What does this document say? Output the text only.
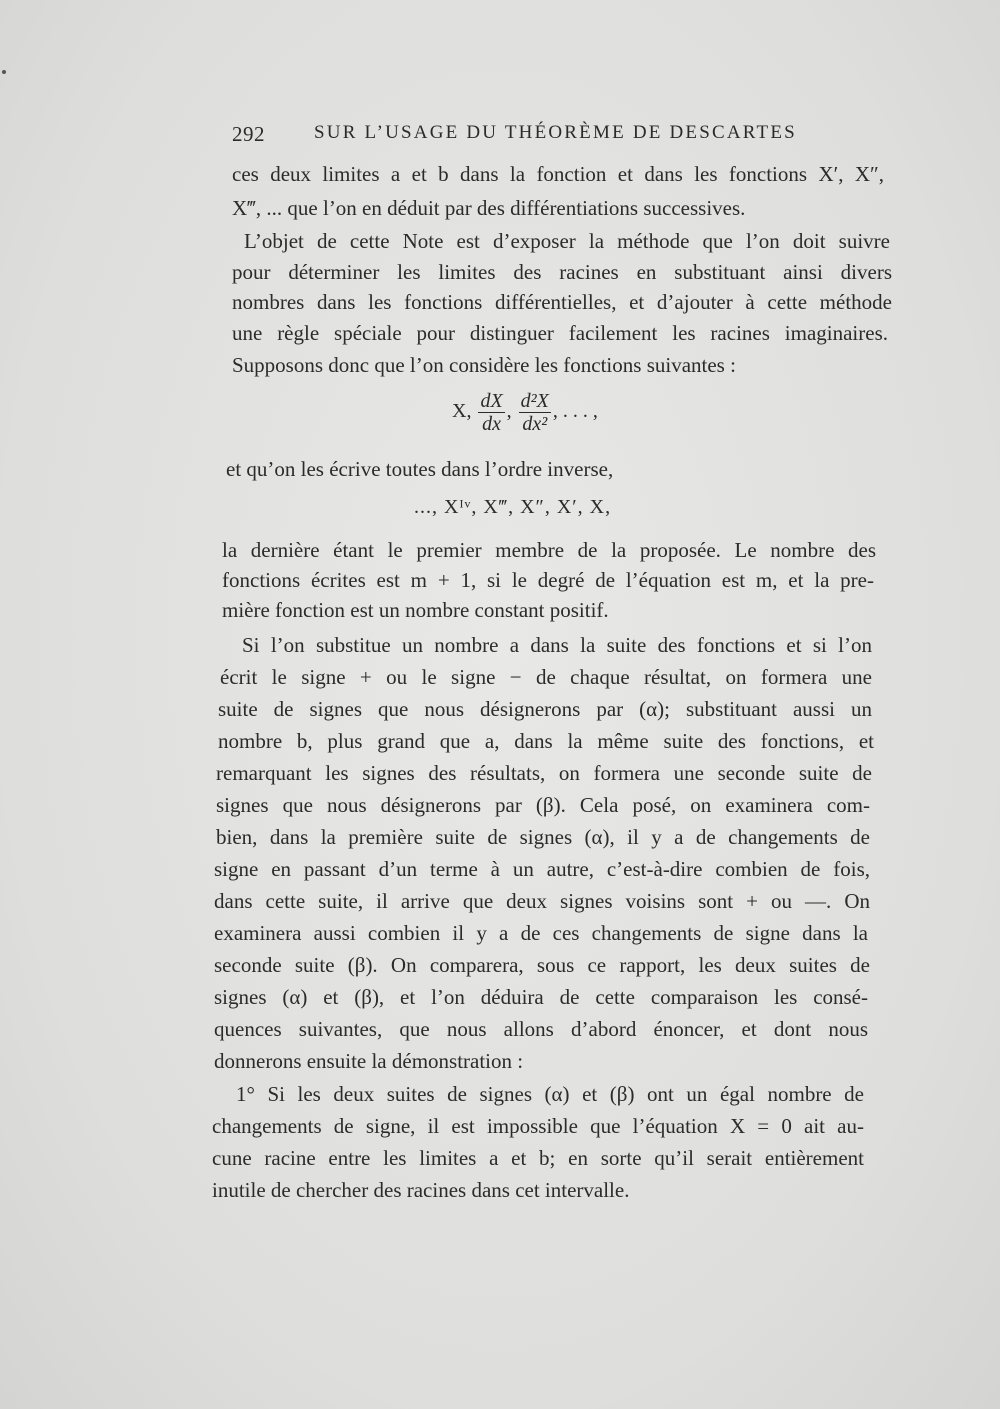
292	SUR L’USAGE DU THÉORÈME DE DESCARTES
ces deux limites a et b dans la fonction et dans les fonctions X′, X″,
X‴, ... que l’on en déduit par des différentiations successives.
L’objet de cette Note est d’exposer la méthode que l’on doit suivre
pour déterminer les limites des racines en substituant ainsi divers
nombres dans les fonctions différentielles, et d’ajouter à cette méthode
une règle spéciale pour distinguer facilement les racines imaginaires.
Supposons donc que l’on considère les fonctions suivantes :
X, $\frac{dX}{dx}$ , $\frac{\text{d²X}}{\text{dx²}}$ , . . . ,
et qu’on les écrive toutes dans l’ordre inverse,
..., Xᴵᵛ, X‴, X″, X′, X,
la dernière étant le premier membre de la proposée. Le nombre des
fonctions écrites est m + 1, si le degré de l’équation est m, et la pre-
mière fonction est un nombre constant positif.
Si l’on substitue un nombre a dans la suite des fonctions et si l’on
écrit le signe + ou le signe − de chaque résultat, on formera une
suite de signes que nous désignerons par (α); substituant aussi un
nombre b, plus grand que a, dans la même suite des fonctions, et
remarquant les signes des résultats, on formera une seconde suite de
signes que nous désignerons par (β). Cela posé, on examinera com-
bien, dans la première suite de signes (α), il y a de changements de
signe en passant d’un terme à un autre, c’est-à-dire combien de fois,
dans cette suite, il arrive que deux signes voisins sont + ou —. On
examinera aussi combien il y a de ces changements de signe dans la
seconde suite (β). On comparera, sous ce rapport, les deux suites de
signes (α) et (β), et l’on déduira de cette comparaison les consé-
quences suivantes, que nous allons d’abord énoncer, et dont nous
donnerons ensuite la démonstration :
1° Si les deux suites de signes (α) et (β) ont un égal nombre de
changements de signe, il est impossible que l’équation X = 0 ait au-
cune racine entre les limites a et b; en sorte qu’il serait entièrement
inutile de chercher des racines dans cet intervalle.
